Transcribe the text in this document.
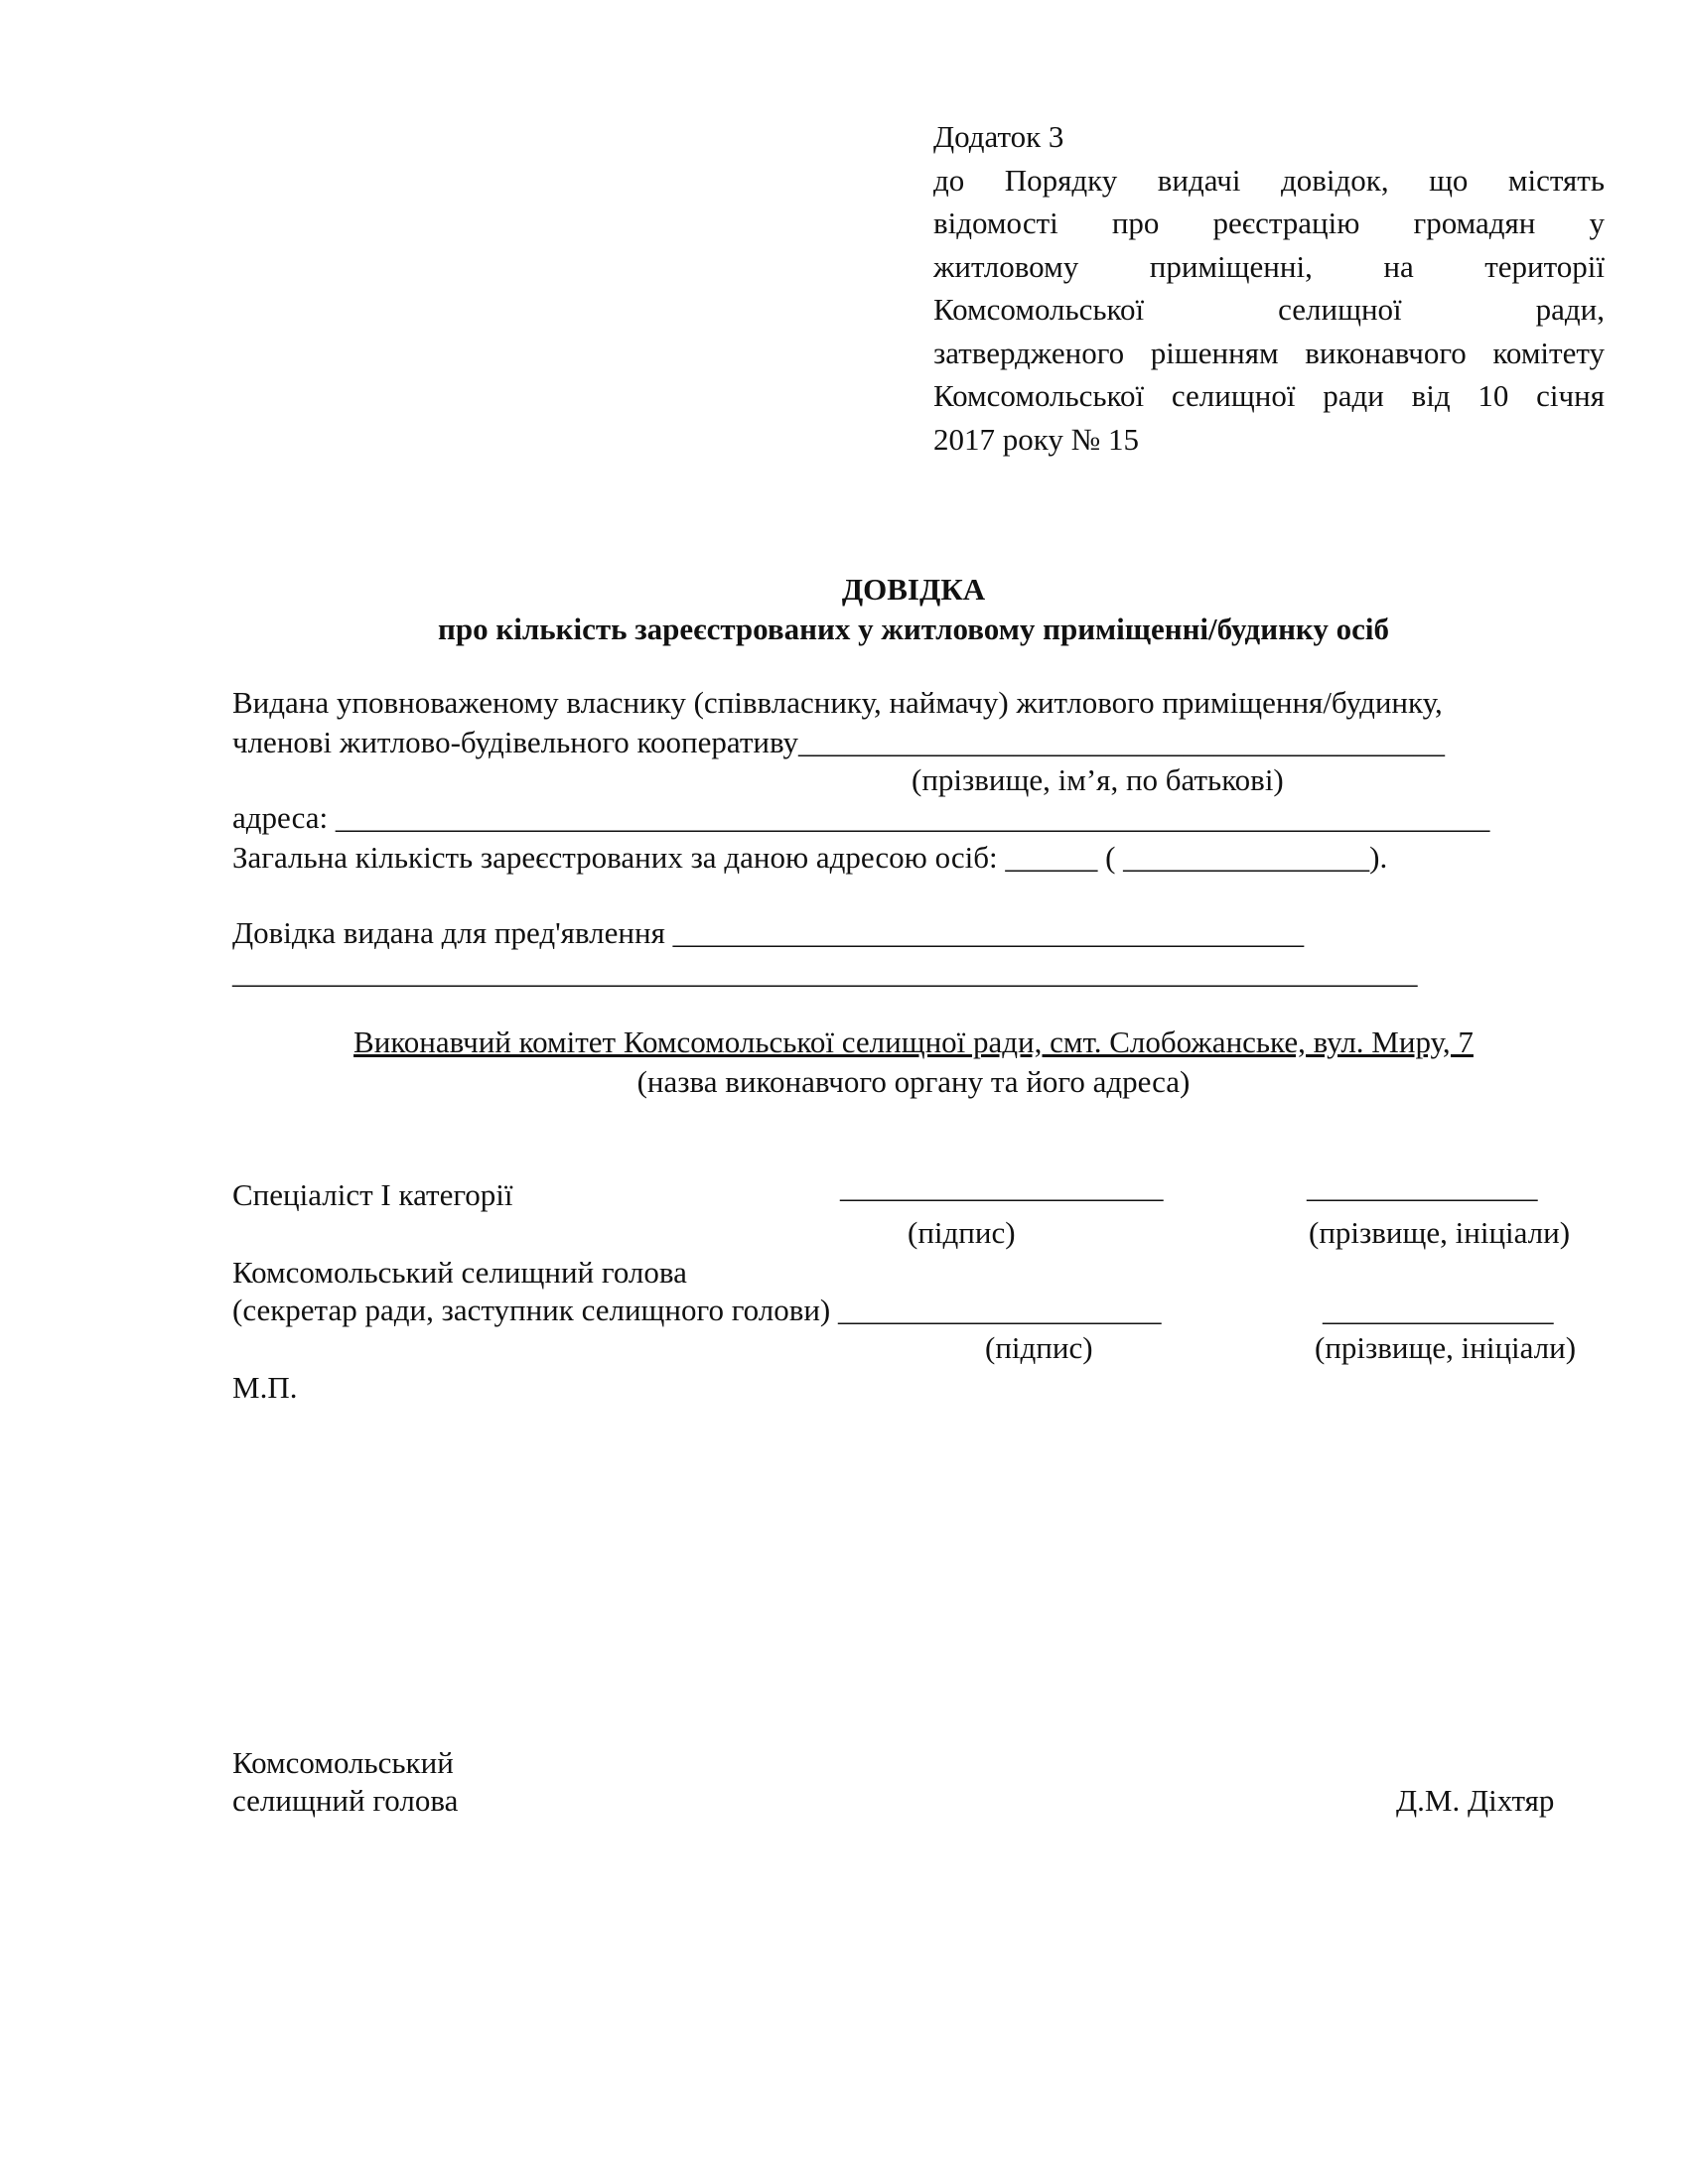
Додаток 3
до Порядку видачі довідок, що містять
відомості про реєстрацію громадян у
житловому приміщенні, на території
Комсомольської селищної ради,
затвердженого рішенням виконавчого комітету
Комсомольської селищної ради від 10 січня
2017 року № 15
ДОВІДКА
про кількість зареєстрованих у житловому приміщенні/будинку осіб
Видана уповноваженому власнику (співвласнику, наймачу) житлового приміщення/будинку,
членові житлово-будівельного кооперативу__________________________________________
(прізвище, ім’я, по батькові)
адреса: ___________________________________________________________________________
Загальна кількість зареєстрованих за даною адресою осіб: ______ ( ________________).
Довідка видана для пред'явлення _________________________________________
_____________________________________________________________________________
Виконавчий комітет Комсомольської селищної ради, смт. Слобожанське, вул. Миру, 7
(назва виконавчого органу та його адреса)
Спеціаліст І категорії	_____________________	_______________
(підпис)	(прізвище, ініціали)
Комсомольський селищний голова
(секретар ради, заступник селищного голови) _____________________	_______________
(підпис)	(прізвище, ініціали)
М.П.
Комсомольський
селищний голова	Д.М. Діхтяр
